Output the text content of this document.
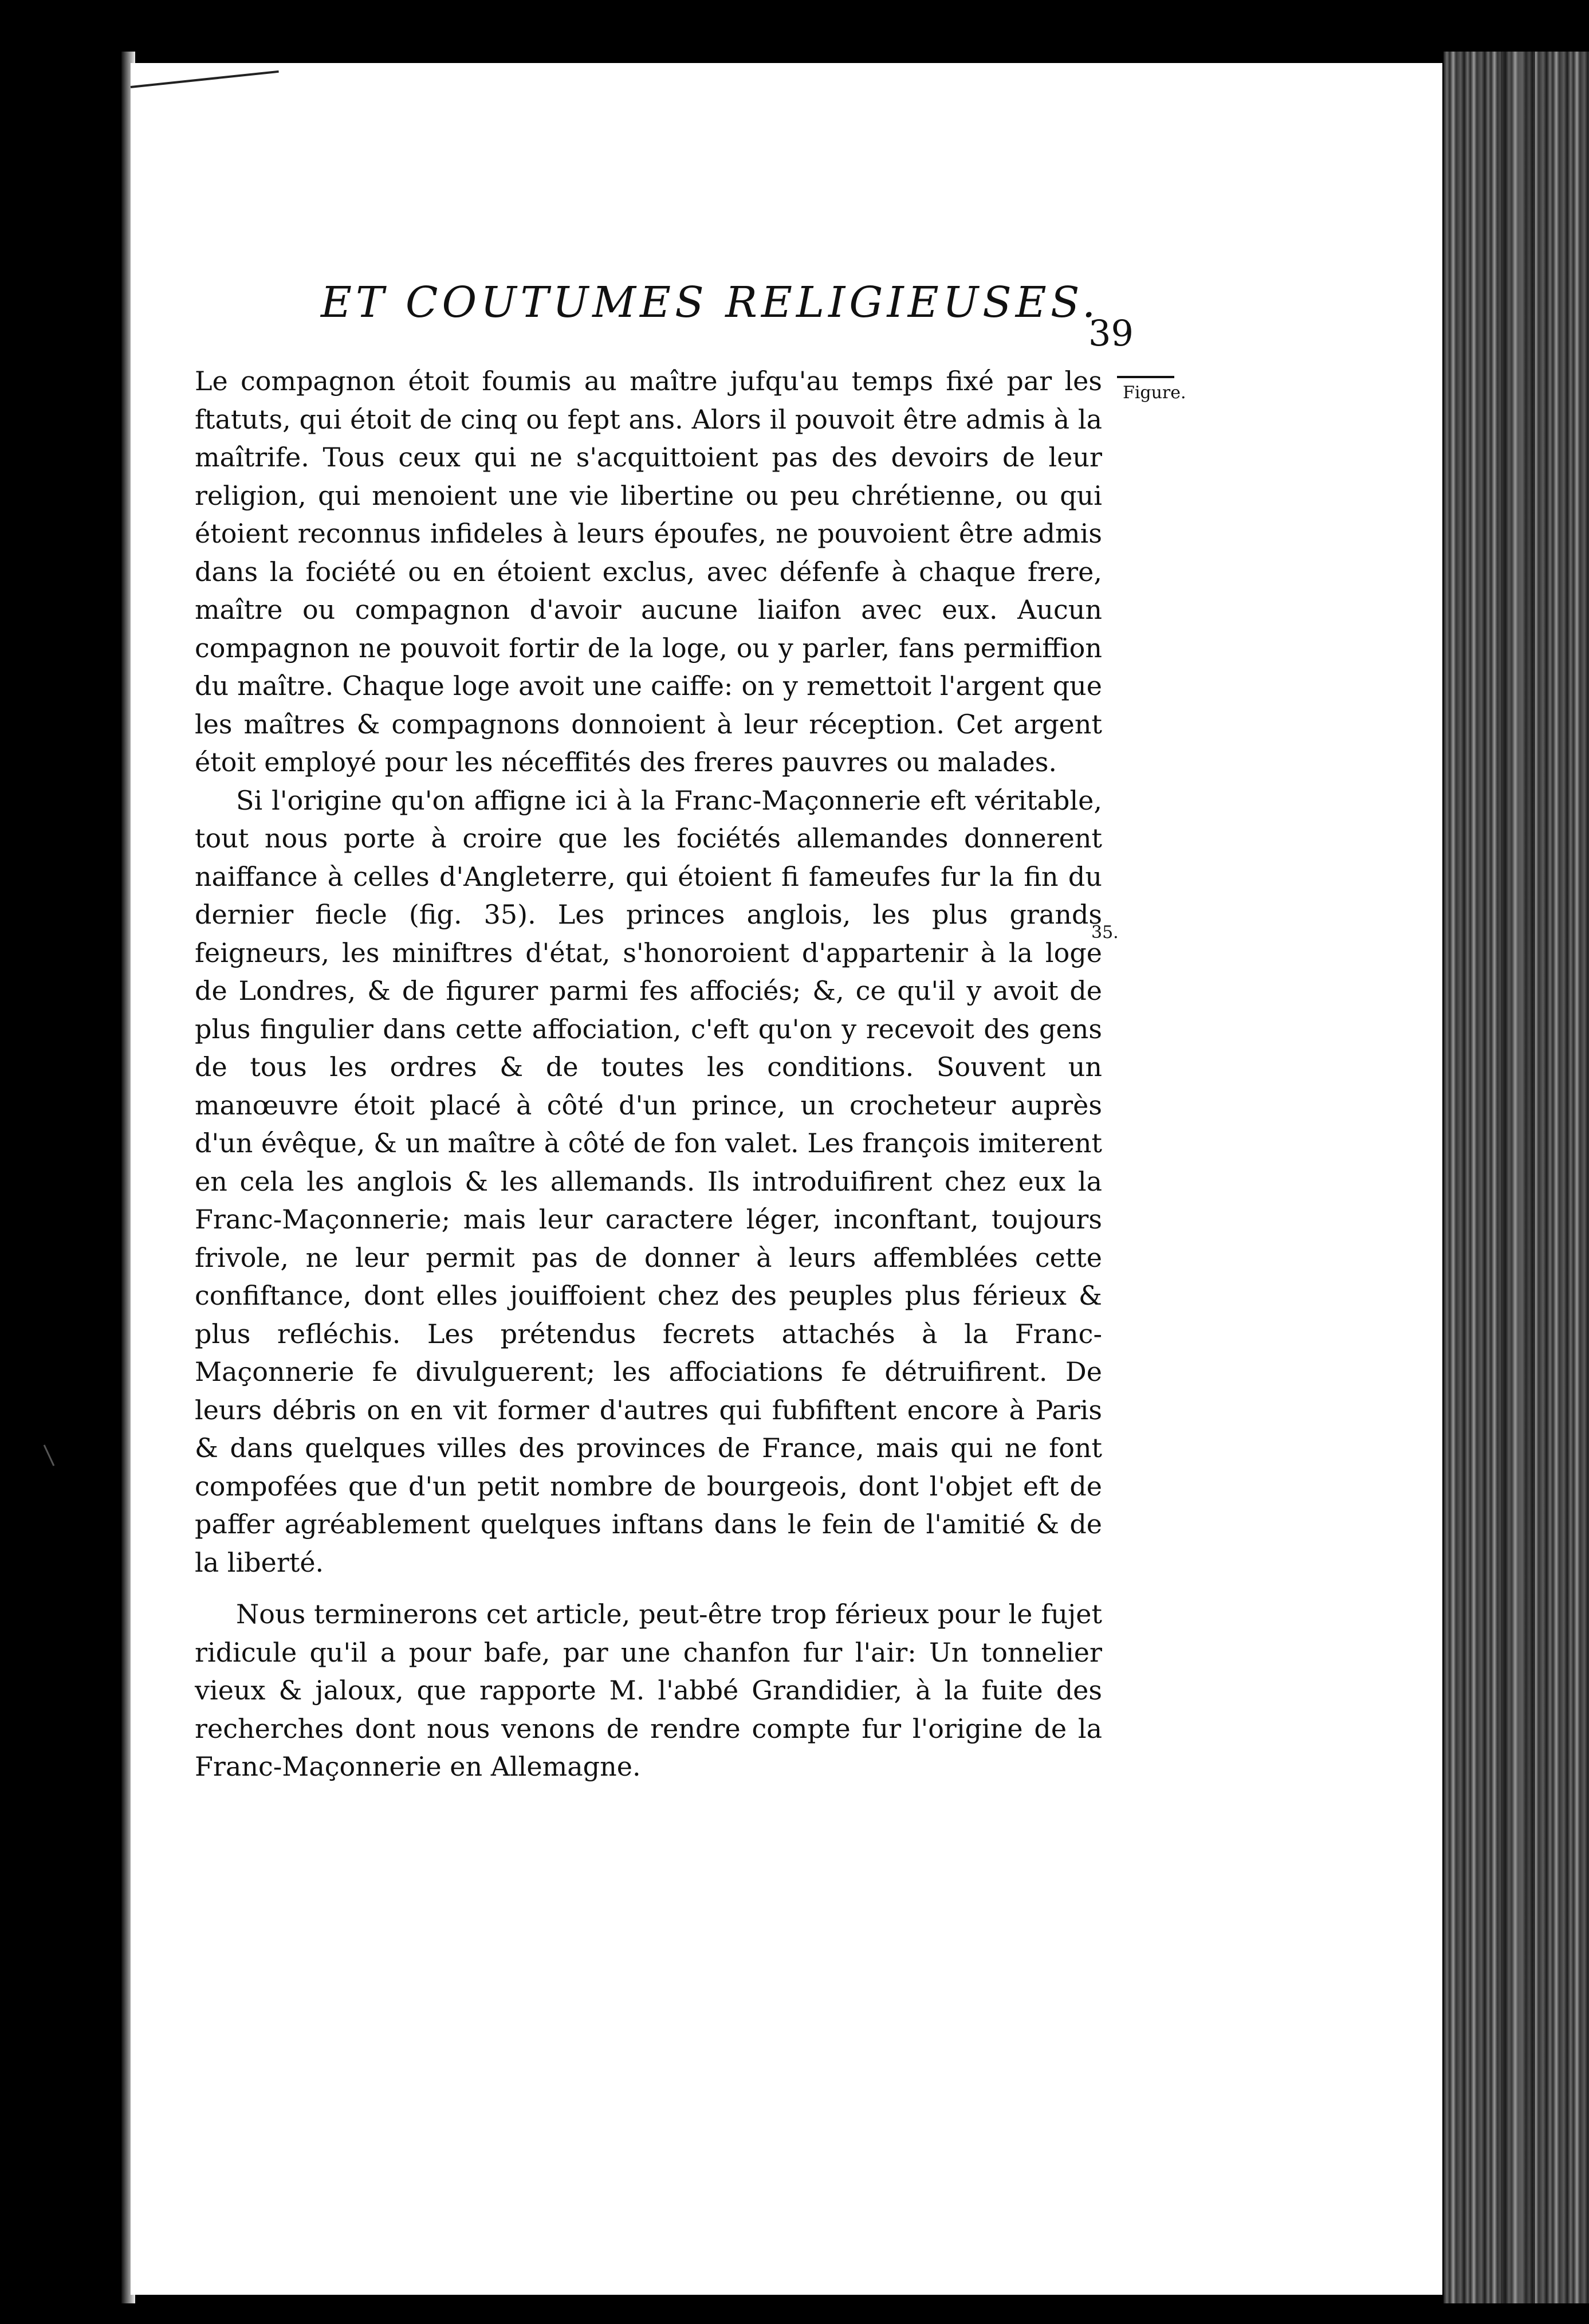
ET COUTUMES RELIGIEUSES.
39
Figure.
35.

Le compagnon étoit foumis au maître jufqu'au temps fixé par les ftatuts, qui étoit de cinq ou fept ans. Alors il pouvoit être admis à la maîtrife. Tous ceux qui ne s'acquittoient pas des devoirs de leur religion, qui menoient une vie libertine ou peu chrétienne, ou qui étoient reconnus infideles à leurs époufes, ne pouvoient être admis dans la fociété ou en étoient exclus, avec défenfe à chaque frere, maître ou compagnon d'avoir aucune liaifon avec eux. Aucun compagnon ne pouvoit fortir de la loge, ou y parler, fans permiffion du maître. Chaque loge avoit une caiffe: on y remettoit l'argent que les maîtres & compagnons donnoient à leur réception. Cet argent étoit employé pour les néceffités des freres pauvres ou malades.

Si l'origine qu'on affigne ici à la Franc-Maçonnerie eft véritable, tout nous porte à croire que les fociétés allemandes donnerent naiffance à celles d'Angleterre, qui étoient fi fameufes fur la fin du dernier fiecle (fig. 35). Les princes anglois, les plus grands feigneurs, les miniftres d'état, s'honoroient d'appartenir à la loge de Londres, & de figurer parmi fes affociés; &, ce qu'il y avoit de plus fingulier dans cette affociation, c'eft qu'on y recevoit des gens de tous les ordres & de toutes les conditions. Souvent un manœuvre étoit placé à côté d'un prince, un crocheteur auprès d'un évêque, & un maître à côté de fon valet. Les françois imiterent en cela les anglois & les allemands. Ils introduifirent chez eux la Franc-Maçonnerie; mais leur caractere léger, inconftant, toujours frivole, ne leur permit pas de donner à leurs affemblées cette confiftance, dont elles jouiffoient chez des peuples plus férieux & plus refléchis. Les prétendus fecrets attachés à la Franc-Maçonnerie fe divulguerent; les affociations fe détruifirent. De leurs débris on en vit former d'autres qui fubfiftent encore à Paris & dans quelques villes des provinces de France, mais qui ne font compofées que d'un petit nombre de bourgeois, dont l'objet eft de paffer agréablement quelques inftans dans le fein de l'amitié & de la liberté.

Nous terminerons cet article, peut-être trop férieux pour le fujet ridicule qu'il a pour bafe, par une chanfon fur l'air: Un tonnelier vieux & jaloux, que rapporte M. l'abbé Grandidier, à la fuite des recherches dont nous venons de rendre compte fur l'origine de la Franc-Maçonnerie en Allemagne.
